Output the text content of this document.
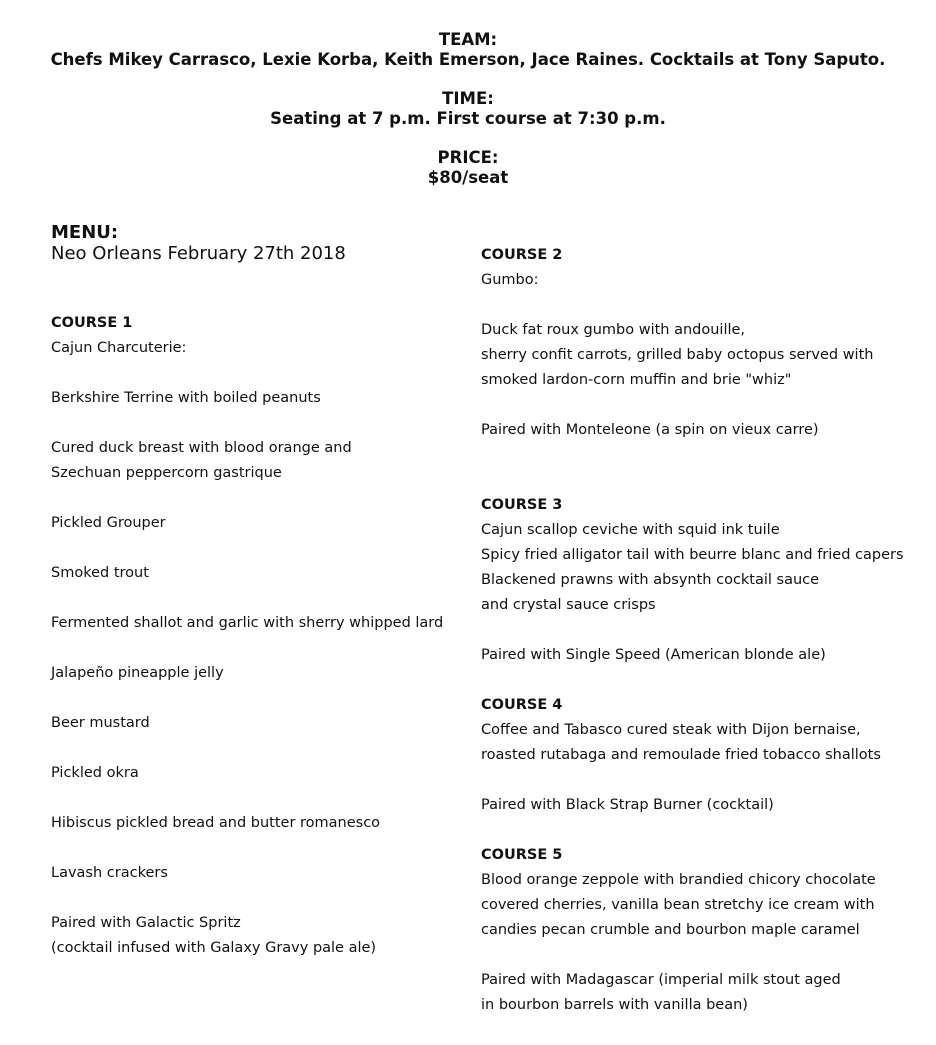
TEAM:
Chefs Mikey Carrasco, Lexie Korba, Keith Emerson, Jace Raines. Cocktails at Tony Saputo.
TIME:
Seating at 7 p.m. First course at 7:30 p.m.
PRICE:
$80/seat
MENU:
Neo Orleans February 27th 2018
COURSE 1
Cajun Charcuterie:
Berkshire Terrine with boiled peanuts
Cured duck breast with blood orange and
Szechuan peppercorn gastrique
Pickled Grouper
Smoked trout
Fermented shallot and garlic with sherry whipped lard
Jalapeño pineapple jelly
Beer mustard
Pickled okra
Hibiscus pickled bread and butter romanesco
Lavash crackers
Paired with Galactic Spritz
(cocktail infused with Galaxy Gravy pale ale)
COURSE 2
Gumbo:
Duck fat roux gumbo with andouille,
sherry confit carrots, grilled baby octopus served with
smoked lardon-corn muffin and brie "whiz"
Paired with Monteleone (a spin on vieux carre)
COURSE 3
Cajun scallop ceviche with squid ink tuile
Spicy fried alligator tail with beurre blanc and fried capers
Blackened prawns with absynth cocktail sauce
and crystal sauce crisps
Paired with Single Speed (American blonde ale)
COURSE 4
Coffee and Tabasco cured steak with Dijon bernaise,
roasted rutabaga and remoulade fried tobacco shallots
Paired with Black Strap Burner (cocktail)
COURSE 5
Blood orange zeppole with brandied chicory chocolate
covered cherries, vanilla bean stretchy ice cream with
candies pecan crumble and bourbon maple caramel
Paired with Madagascar (imperial milk stout aged
in bourbon barrels with vanilla bean)
